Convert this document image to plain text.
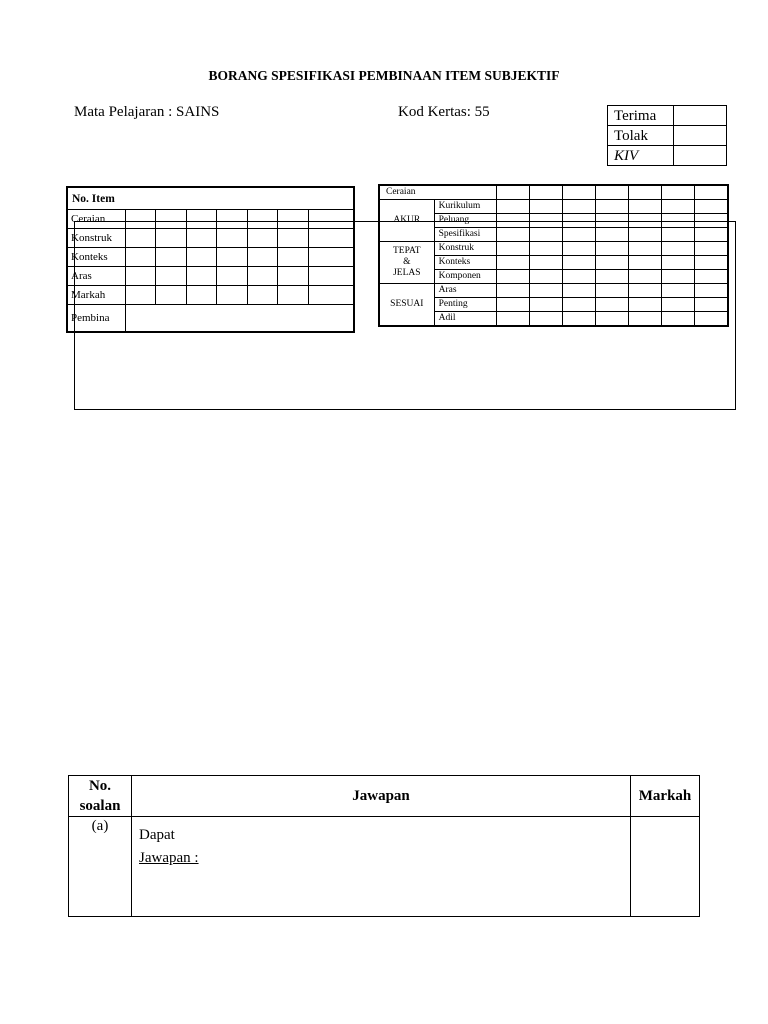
BORANG SPESIFIKASI PEMBINAAN ITEM SUBJEKTIF
Mata Pelajaran : SAINS	Kod Kertas: 55	Terima	
Tolak	
KIV	
No. Item							
Ceraian							
Konstruk							
Konteks							
Aras							
Markah							
Pembina							
Ceraian								
AKUR	Kurikulum							
	Peluang							
	Spesifikasi							
TEPAT
&
JELAS	Konstruk							
	Konteks							
	Komponen							
SESUAI	Aras							
	Penting							
	Adil							
No.
soalan	Jawapan	Markah
(a)	Dapat
Jawapan :	
